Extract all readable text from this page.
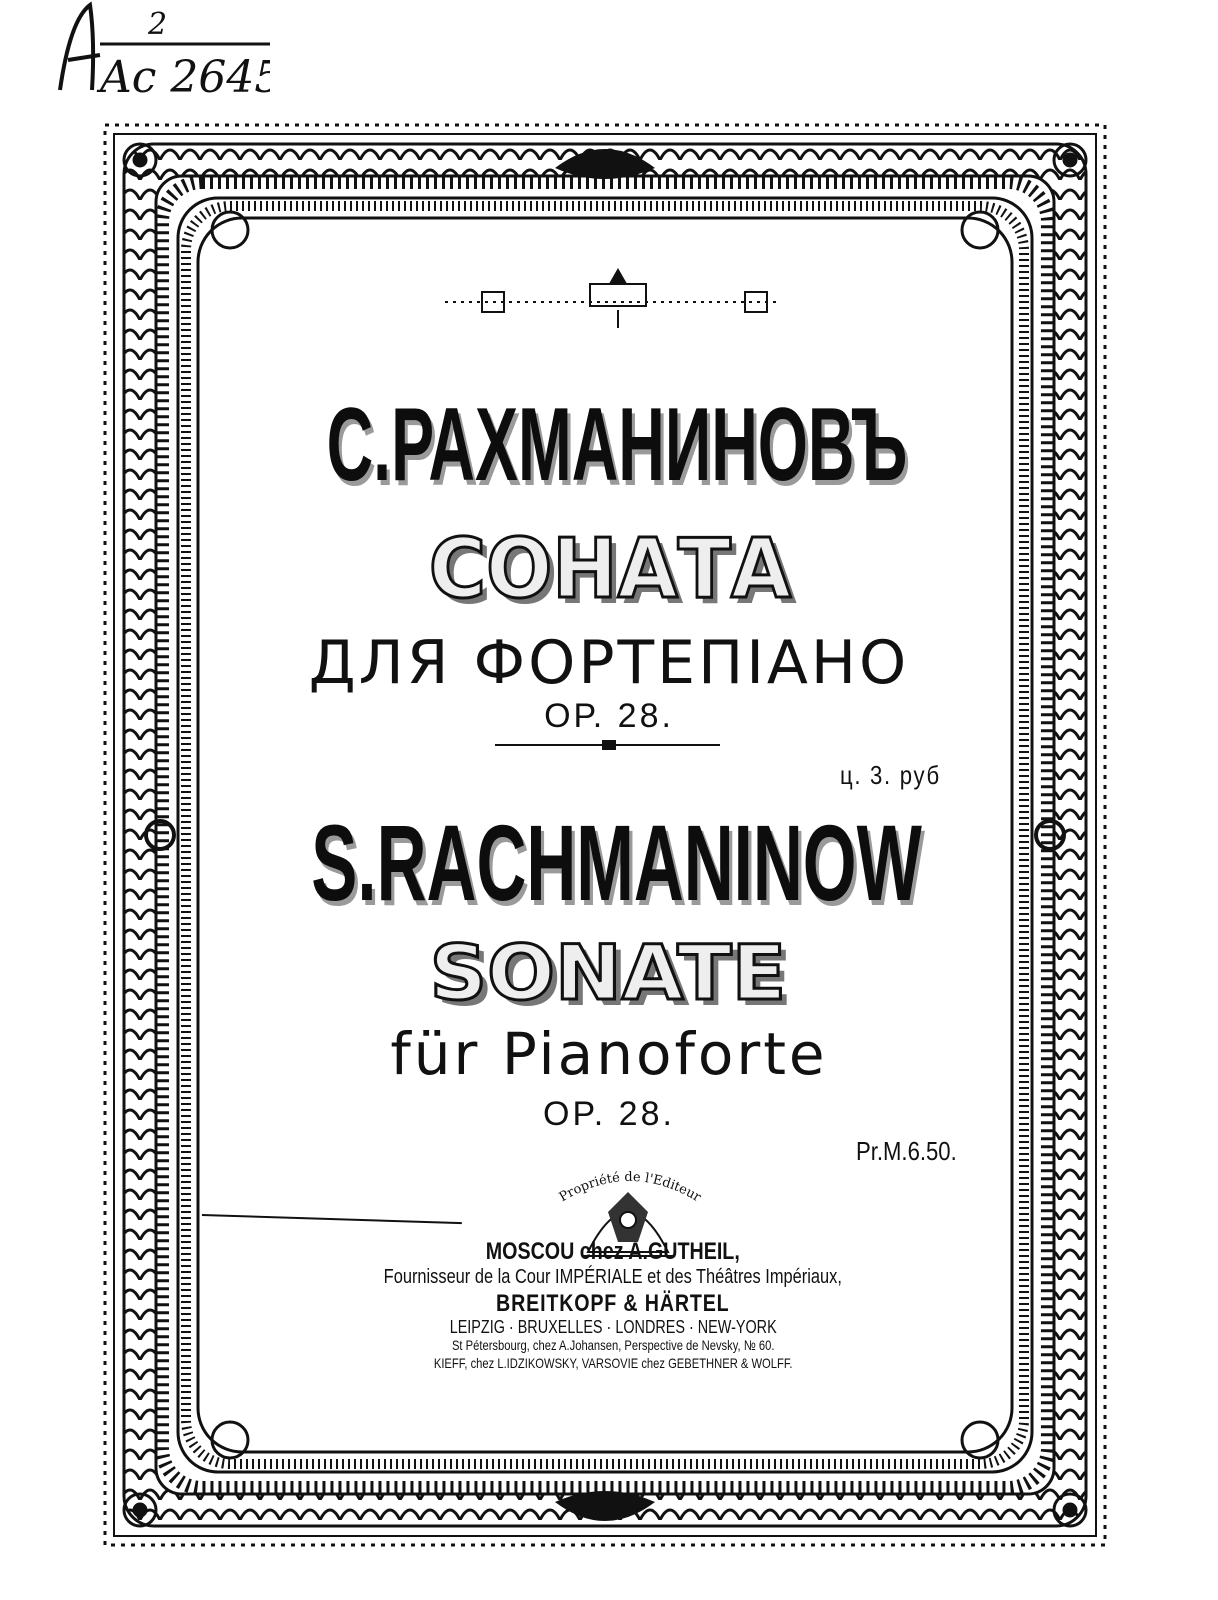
2
Ac 2645
С.РАХМАНИНОВЪ
СОНАТА
ДЛЯ ФОРТЕПIАНО
ОР. 28.
ц. 3. руб
S.RACHMANINOW
SONATE
für Pianoforte
OP. 28.
Pr.M.6.50.
Propriété de l'Editeur
MOSCOU chez A.GUTHEIL,
Fournisseur de la Cour IMPÉRIALE et des Théâtres Impériaux,
BREITKOPF & HÄRTEL
LEIPZIG · BRUXELLES · LONDRES · NEW-YORK
St Pétersbourg, chez A.Johansen, Perspective de Nevsky, № 60.
KIEFF, chez L.IDZIKOWSKY, VARSOVIE chez GEBETHNER & WOLFF.
